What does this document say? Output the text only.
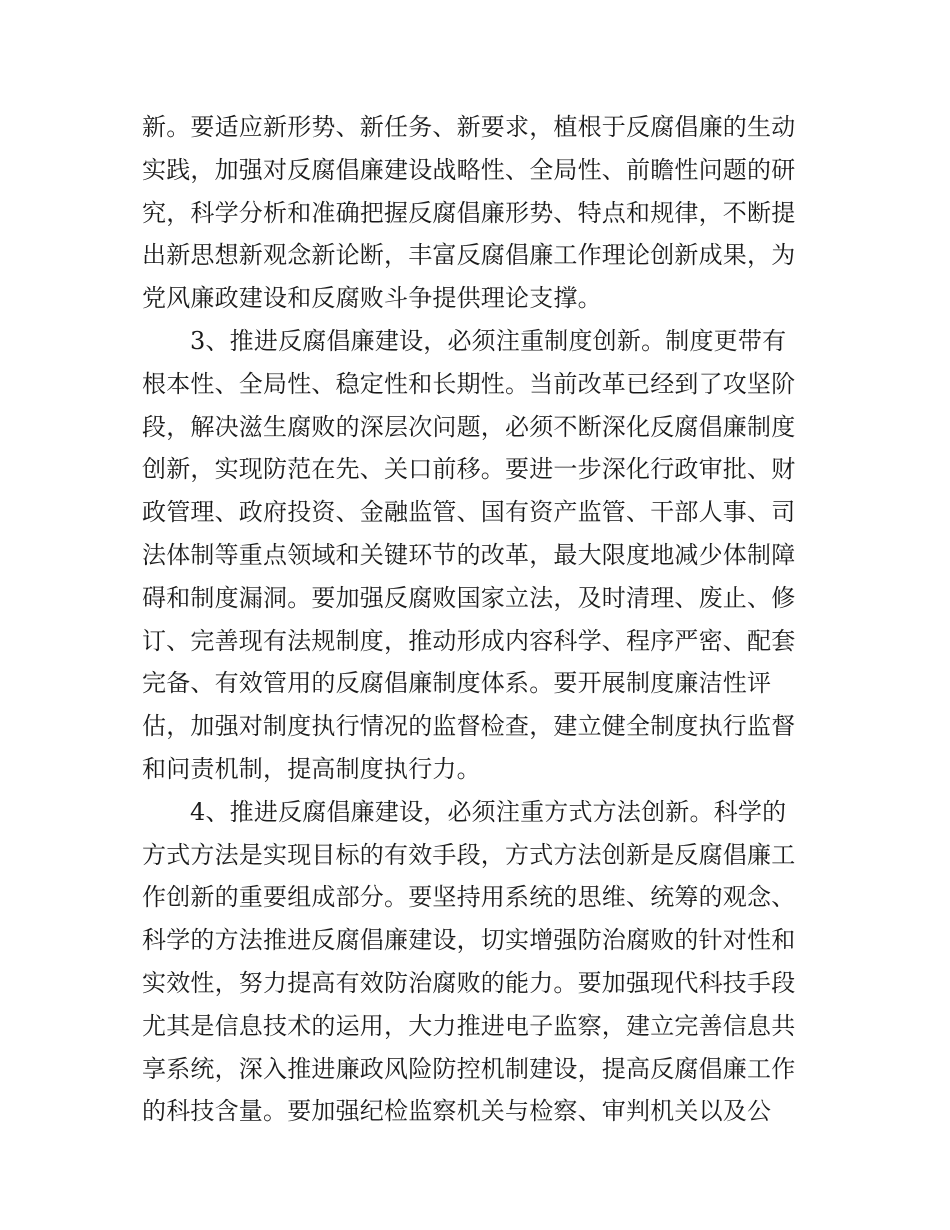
新。要适应新形势、新任务、新要求，植根于反腐倡廉的生动
实践，加强对反腐倡廉建设战略性、全局性、前瞻性问题的研
究，科学分析和准确把握反腐倡廉形势、特点和规律，不断提
出新思想新观念新论断，丰富反腐倡廉工作理论创新成果，为
党风廉政建设和反腐败斗争提供理论支撑。
3、推进反腐倡廉建设，必须注重制度创新。制度更带有
根本性、全局性、稳定性和长期性。当前改革已经到了攻坚阶
段，解决滋生腐败的深层次问题，必须不断深化反腐倡廉制度
创新，实现防范在先、关口前移。要进一步深化行政审批、财
政管理、政府投资、金融监管、国有资产监管、干部人事、司
法体制等重点领域和关键环节的改革，最大限度地减少体制障
碍和制度漏洞。要加强反腐败国家立法，及时清理、废止、修
订、完善现有法规制度，推动形成内容科学、程序严密、配套
完备、有效管用的反腐倡廉制度体系。要开展制度廉洁性评
估，加强对制度执行情况的监督检查，建立健全制度执行监督
和问责机制，提高制度执行力。
4、推进反腐倡廉建设，必须注重方式方法创新。科学的
方式方法是实现目标的有效手段，方式方法创新是反腐倡廉工
作创新的重要组成部分。要坚持用系统的思维、统筹的观念、
科学的方法推进反腐倡廉建设，切实增强防治腐败的针对性和
实效性，努力提高有效防治腐败的能力。要加强现代科技手段
尤其是信息技术的运用，大力推进电子监察，建立完善信息共
享系统，深入推进廉政风险防控机制建设，提高反腐倡廉工作
的科技含量。要加强纪检监察机关与检察、审判机关以及公
